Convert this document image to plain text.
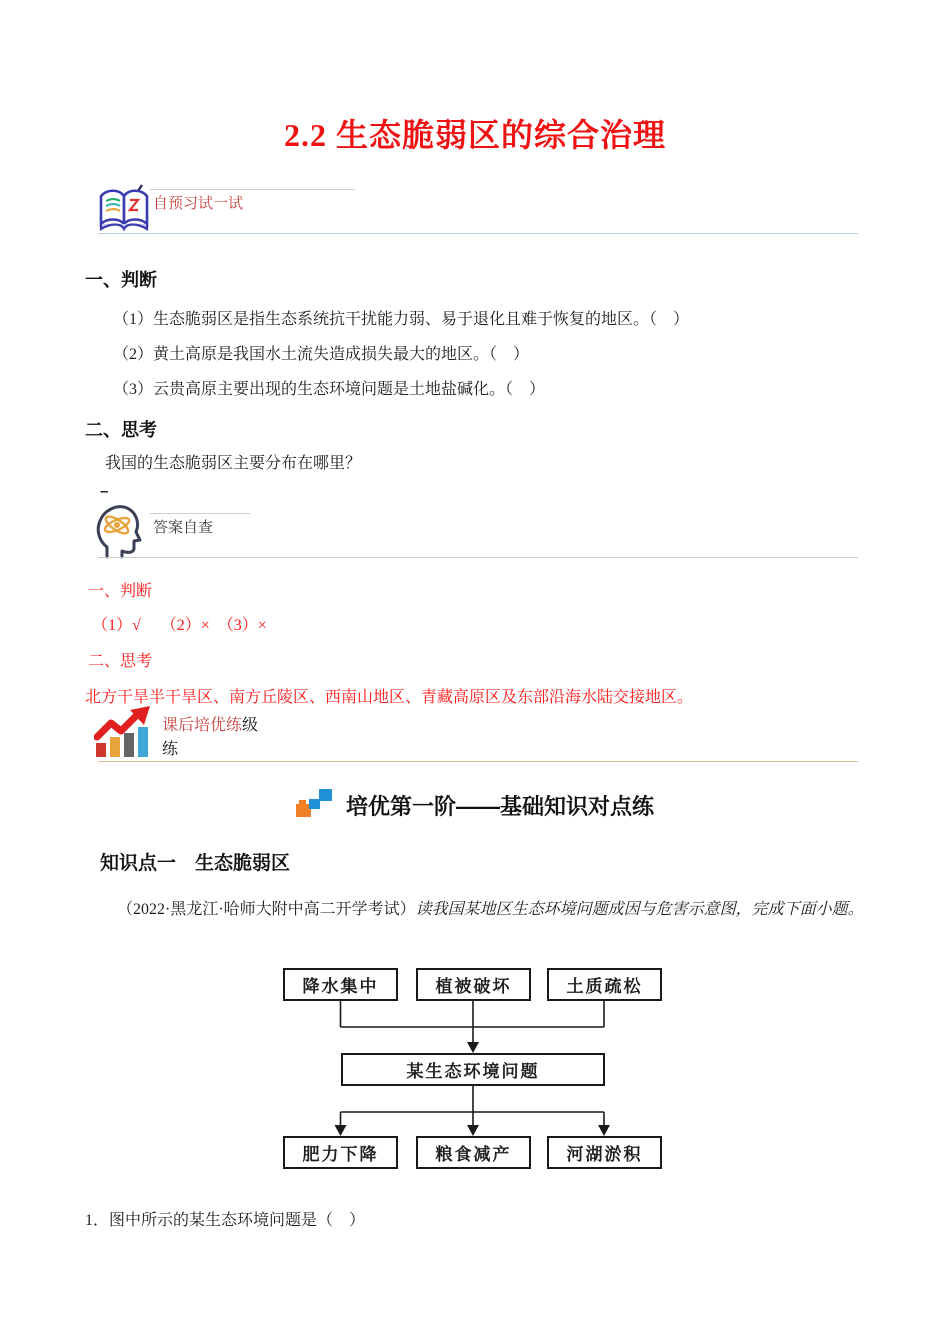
2.2 生态脆弱区的综合治理
自预习试一试
一、判断
（1）生态脆弱区是指生态系统抗干扰能力弱、易于退化且难于恢复的地区。（　）
（2）黄土高原是我国水土流失造成损失最大的地区。（　）
（3）云贵高原主要出现的生态环境问题是土地盐碱化。（　）
二、思考
我国的生态脆弱区主要分布在哪里？
–
答案自查
一、判断
（1）√　 （2）×　（3）×
二、思考
北方干旱半干旱区、南方丘陵区、西南山地区、青藏高原区及东部沿海水陆交接地区。
课后培优练级
练
培优第一阶——基础知识对点练
知识点一　生态脆弱区

（2022·黑龙江·哈师大附中高二开学考试）读我国某地区生态环境问题成因与危害示意图，完成下面小题。

降水集中	植被破坏	土质疏松
某生态环境问题
肥力下降	粮食减产	河湖淤积
1．图中所示的某生态环境问题是（　）
